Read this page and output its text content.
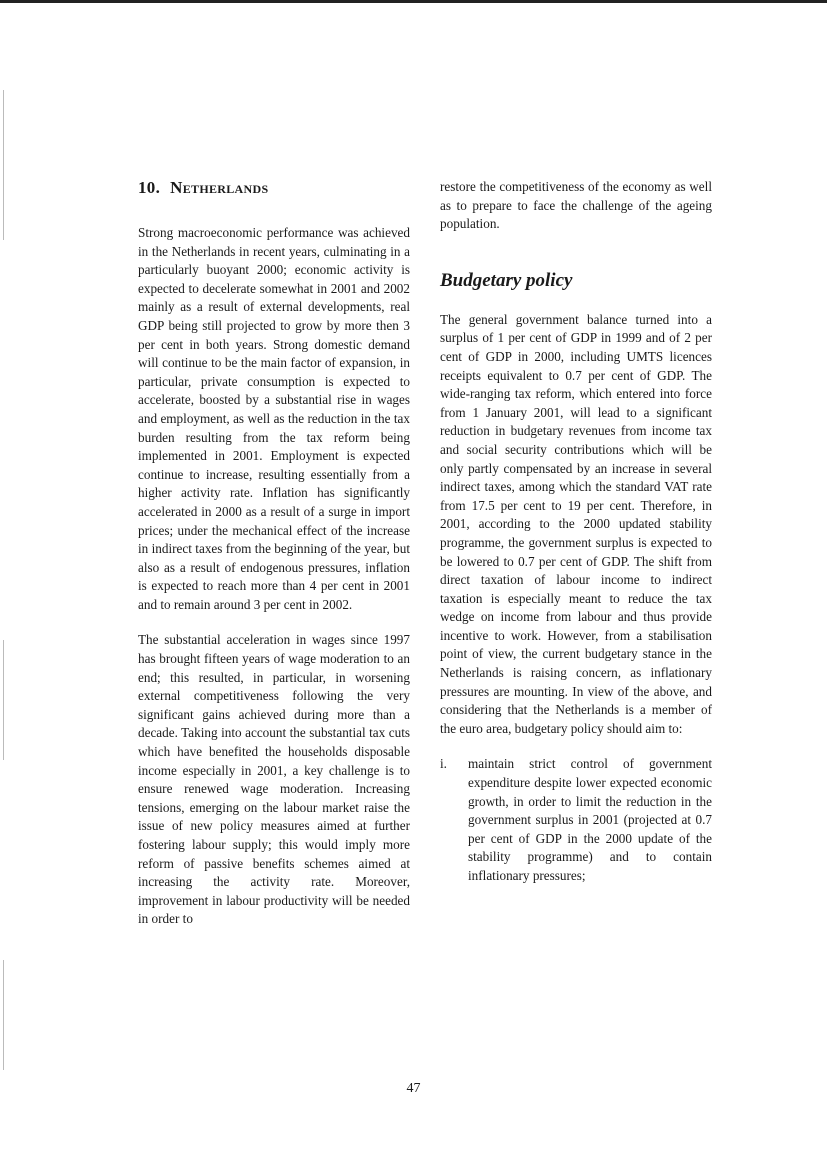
10. Netherlands

Strong macroeconomic performance was achieved in the Netherlands in recent years, culminating in a particularly buoyant 2000; economic activity is expected to decelerate somewhat in 2001 and 2002 mainly as a result of external developments, real GDP being still projected to grow by more then 3 per cent in both years. Strong domestic demand will continue to be the main factor of expansion, in particular, private consumption is expected to accelerate, boosted by a substantial rise in wages and employment, as well as the reduction in the tax burden resulting from the tax reform being implemented in 2001. Employment is expected continue to increase, resulting essentially from a higher activity rate. Inflation has significantly accelerated in 2000 as a result of a surge in import prices; under the mechanical effect of the increase in indirect taxes from the beginning of the year, but also as a result of endogenous pressures, inflation is expected to reach more than 4 per cent in 2001 and to remain around 3 per cent in 2002.

The substantial acceleration in wages since 1997 has brought fifteen years of wage moderation to an end; this resulted, in particular, in worsening external competitiveness following the very significant gains achieved during more than a decade. Taking into account the substantial tax cuts which have benefited the households disposable income especially in 2001, a key challenge is to ensure renewed wage moderation. Increasing tensions, emerging on the labour market raise the issue of new policy measures aimed at further fostering labour supply; this would imply more reform of passive benefits schemes aimed at increasing the activity rate. Moreover, improvement in labour productivity will be needed in order to

restore the competitiveness of the economy as well as to prepare to face the challenge of the ageing population.

Budgetary policy

The general government balance turned into a surplus of 1 per cent of GDP in 1999 and of 2 per cent of GDP in 2000, including UMTS licences receipts equivalent to 0.7 per cent of GDP. The wide-ranging tax reform, which entered into force from 1 January 2001, will lead to a significant reduction in budgetary revenues from income tax and social security contributions which will be only partly compensated by an increase in several indirect taxes, among which the standard VAT rate from 17.5 per cent to 19 per cent. Therefore, in 2001, according to the 2000 updated stability programme, the government surplus is expected to be lowered to 0.7 per cent of GDP. The shift from direct taxation of labour income to indirect taxation is especially meant to reduce the tax wedge on income from labour and thus provide incentive to work. However, from a stabilisation point of view, the current budgetary stance in the Netherlands is raising concern, as inflationary pressures are mounting. In view of the above, and considering that the Netherlands is a member of the euro area, budgetary policy should aim to:

i.	maintain strict control of government expenditure despite lower expected economic growth, in order to limit the reduction in the government surplus in 2001 (projected at 0.7 per cent of GDP in the 2000 update of the stability programme) and to contain inflationary pressures;
47
